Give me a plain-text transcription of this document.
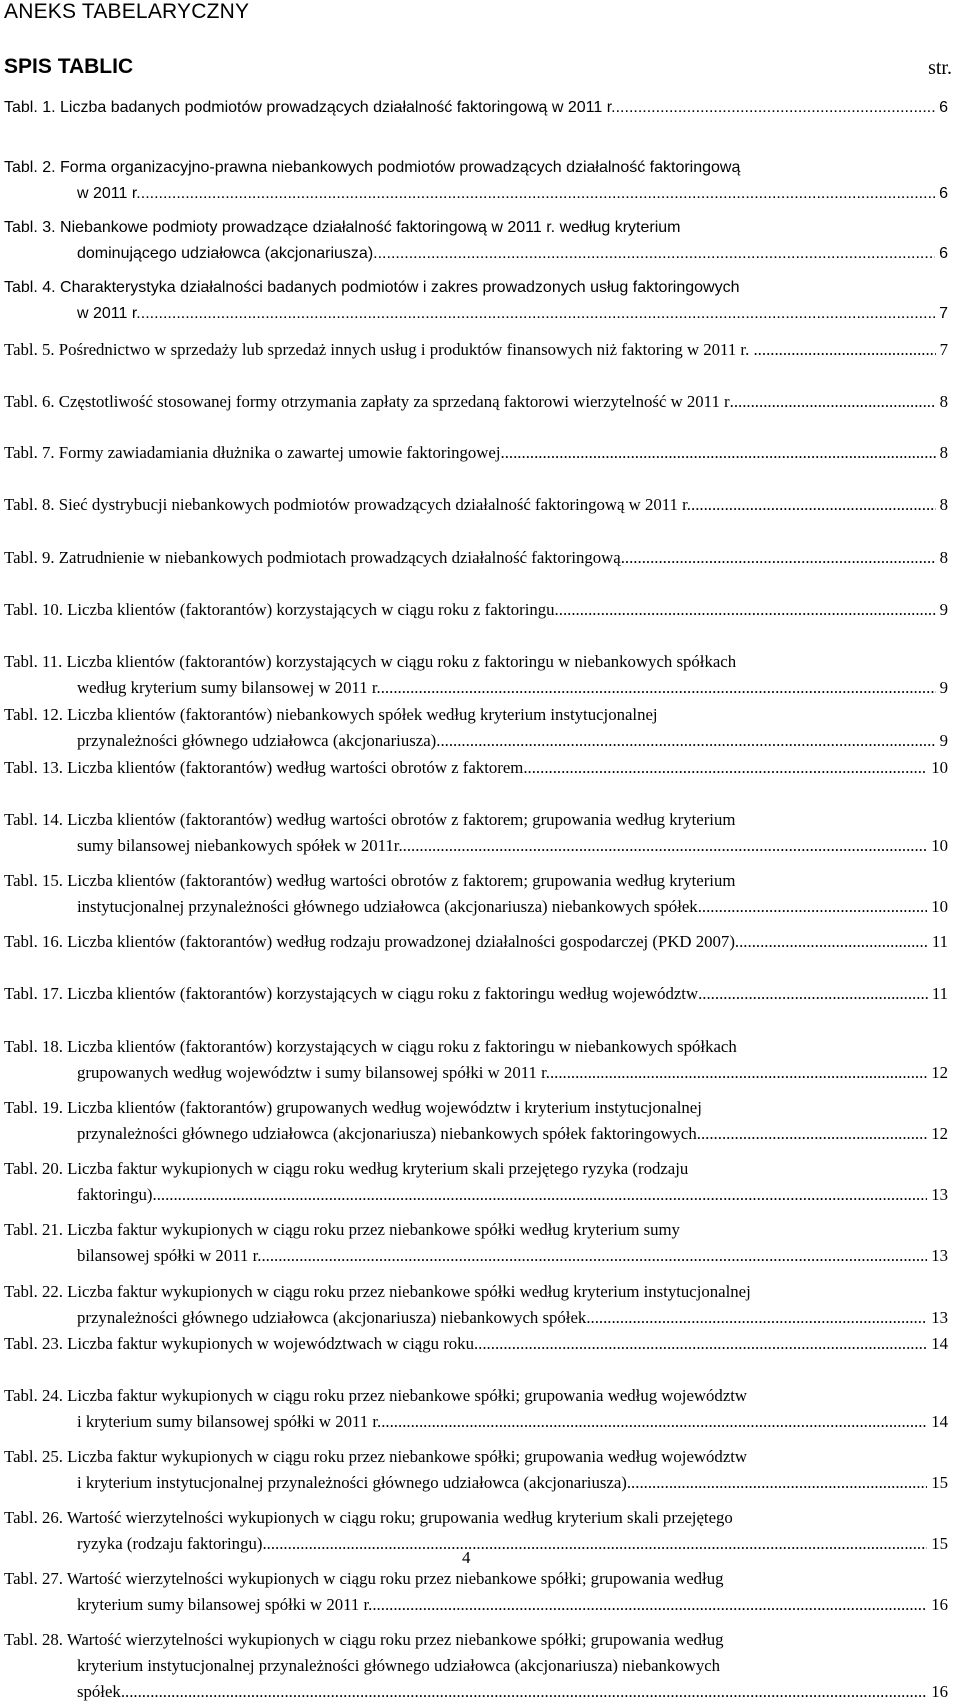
ANEKS TABELARYCZNY
SPIS TABLIC	str.
Tabl. 1. Liczba badanych podmiotów prowadzących działalność faktoringową w 2011 r. .....	6
Tabl. 2. Forma organizacyjno-prawna niebankowych podmiotów prowadzących działalność faktoringową
w 2011 r. .....	6
Tabl. 3. Niebankowe podmioty prowadzące działalność faktoringową w 2011 r. według kryterium
dominującego udziałowca (akcjonariusza) .....	6
Tabl. 4. Charakterystyka działalności badanych podmiotów i zakres prowadzonych usług faktoringowych
w 2011 r. .....	7
Tabl. 5. Pośrednictwo w sprzedaży lub sprzedaż innych usług i produktów finansowych niż faktoring w 2011 r. . .....	7
Tabl. 6. Częstotliwość stosowanej formy otrzymania zapłaty za sprzedaną faktorowi wierzytelność w 2011 r .....	8
Tabl. 7. Formy zawiadamiania dłużnika o zawartej umowie faktoringowej .....	8
Tabl. 8. Sieć dystrybucji niebankowych podmiotów prowadzących działalność faktoringową w 2011 r. .....	8
Tabl. 9. Zatrudnienie w niebankowych podmiotach prowadzących działalność faktoringową .....	8
Tabl. 10. Liczba klientów (faktorantów) korzystających w ciągu roku z faktoringu .....	9
Tabl. 11. Liczba klientów (faktorantów) korzystających w ciągu roku z faktoringu w niebankowych spółkach
według kryterium sumy bilansowej w 2011 r. .....	9
Tabl. 12. Liczba klientów (faktorantów) niebankowych spółek według kryterium instytucjonalnej
przynależności głównego udziałowca (akcjonariusza) .....	9
Tabl. 13. Liczba klientów (faktorantów) według wartości obrotów z faktorem .....	10
Tabl. 14. Liczba klientów (faktorantów) według wartości obrotów z faktorem; grupowania według kryterium
sumy bilansowej niebankowych spółek w 2011r. .....	10
Tabl. 15. Liczba klientów (faktorantów) według wartości obrotów z faktorem; grupowania według kryterium
instytucjonalnej przynależności głównego udziałowca (akcjonariusza) niebankowych spółek .....	10
Tabl. 16. Liczba klientów (faktorantów) według rodzaju prowadzonej działalności gospodarczej (PKD 2007) .....	11
Tabl. 17. Liczba klientów (faktorantów) korzystających w ciągu roku z faktoringu według województw .....	11
Tabl. 18. Liczba klientów (faktorantów) korzystających w ciągu roku z faktoringu w niebankowych spółkach
grupowanych według województw i sumy bilansowej spółki w 2011 r. .....	12
Tabl. 19. Liczba klientów (faktorantów) grupowanych według województw i kryterium instytucjonalnej
przynależności głównego udziałowca (akcjonariusza) niebankowych spółek faktoringowych .....	12
Tabl. 20. Liczba faktur wykupionych w ciągu roku według kryterium skali przejętego ryzyka (rodzaju
faktoringu) .....	13
Tabl. 21. Liczba faktur wykupionych w ciągu roku przez niebankowe spółki według kryterium sumy
bilansowej spółki w 2011 r. .....	13
Tabl. 22. Liczba faktur wykupionych w ciągu roku przez niebankowe spółki według kryterium instytucjonalnej
przynależności głównego udziałowca (akcjonariusza) niebankowych spółek .....	13
Tabl. 23. Liczba faktur wykupionych w województwach w ciągu roku .....	14
Tabl. 24. Liczba faktur wykupionych w ciągu roku przez niebankowe spółki; grupowania według województw
i kryterium sumy bilansowej spółki w 2011 r. .....	14
Tabl. 25. Liczba faktur wykupionych w ciągu roku przez niebankowe spółki; grupowania według województw
i kryterium instytucjonalnej przynależności głównego udziałowca (akcjonariusza) .....	15
Tabl. 26. Wartość wierzytelności wykupionych w ciągu roku; grupowania według kryterium skali przejętego
ryzyka (rodzaju faktoringu) .....	15
Tabl. 27. Wartość wierzytelności wykupionych w ciągu roku przez niebankowe spółki; grupowania według
kryterium sumy bilansowej spółki w 2011 r. .....	16
Tabl. 28. Wartość wierzytelności wykupionych w ciągu roku przez niebankowe spółki; grupowania według
kryterium instytucjonalnej przynależności głównego udziałowca (akcjonariusza) niebankowych
spółek .....	16
4
